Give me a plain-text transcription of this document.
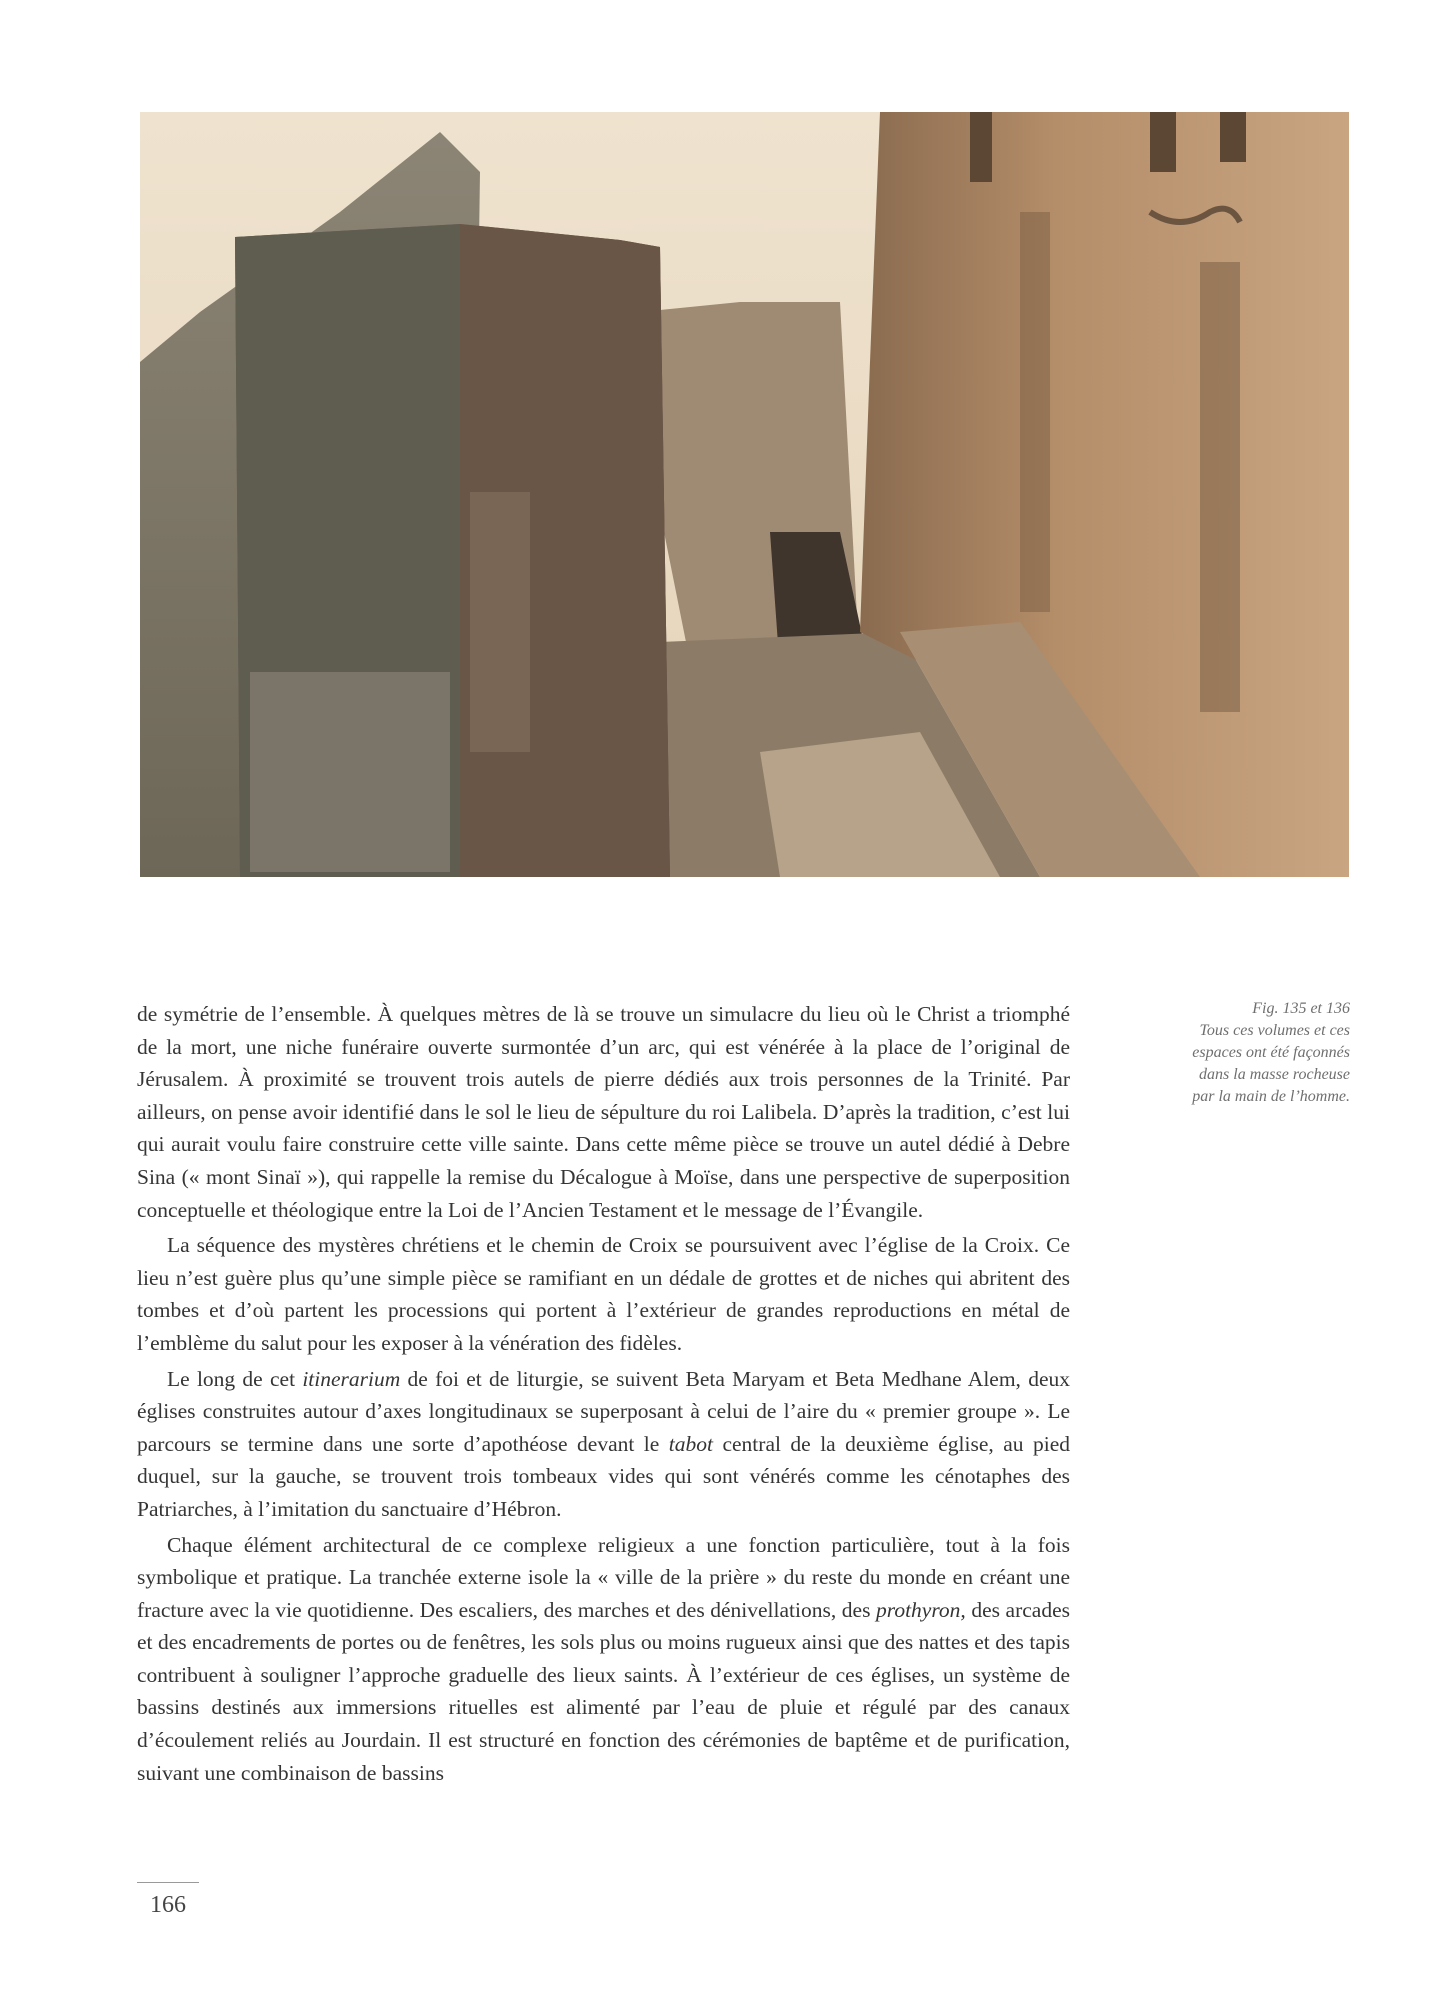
Fig. 135 et 136
Tous ces volumes et ces
espaces ont été façonnés
dans la masse rocheuse
par la main de l’homme.

de symétrie de l’ensemble. À quelques mètres de là se trouve un simulacre du lieu où le Christ a triomphé de la mort, une niche funéraire ouverte surmontée d’un arc, qui est vénérée à la place de l’original de Jérusalem. À proximité se trouvent trois autels de pierre dédiés aux trois personnes de la Trinité. Par ailleurs, on pense avoir identifié dans le sol le lieu de sépulture du roi Lalibela. D’après la tradition, c’est lui qui aurait voulu faire construire cette ville sainte. Dans cette même pièce se trouve un autel dédié à Debre Sina (« mont Sinaï »), qui rappelle la remise du Décalogue à Moïse, dans une perspective de superposition conceptuelle et théologique entre la Loi de l’Ancien Testament et le message de l’Évangile.

La séquence des mystères chrétiens et le chemin de Croix se poursuivent avec l’église de la Croix. Ce lieu n’est guère plus qu’une simple pièce se ramifiant en un dédale de grottes et de niches qui abritent des tombes et d’où partent les processions qui portent à l’extérieur de grandes reproductions en métal de l’emblème du salut pour les exposer à la vénération des fidèles.

Le long de cet itinerarium de foi et de liturgie, se suivent Beta Maryam et Beta Medhane Alem, deux églises construites autour d’axes longitudinaux se superposant à celui de l’aire du « premier groupe ». Le parcours se termine dans une sorte d’apothéose devant le tabot central de la deuxième église, au pied duquel, sur la gauche, se trouvent trois tombeaux vides qui sont vénérés comme les cénotaphes des Patriarches, à l’imitation du sanctuaire d’Hébron.

Chaque élément architectural de ce complexe religieux a une fonction particulière, tout à la fois symbolique et pratique. La tranchée externe isole la « ville de la prière » du reste du monde en créant une fracture avec la vie quotidienne. Des escaliers, des marches et des dénivellations, des prothyron, des arcades et des encadrements de portes ou de fenêtres, les sols plus ou moins rugueux ainsi que des nattes et des tapis contribuent à souligner l’approche graduelle des lieux saints. À l’extérieur de ces églises, un système de bassins destinés aux immersions rituelles est alimenté par l’eau de pluie et régulé par des canaux d’écoulement reliés au Jourdain. Il est structuré en fonction des cérémonies de baptême et de purification, suivant une combinaison de bassins

166
